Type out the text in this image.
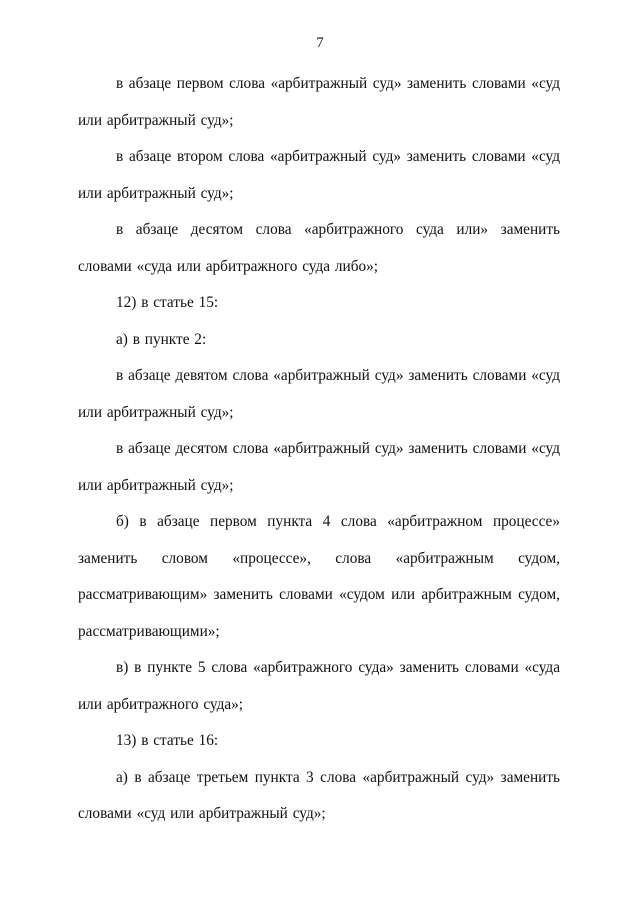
7

в абзаце первом слова «арбитражный суд» заменить словами «суд или арбитражный суд»;

в абзаце втором слова «арбитражный суд» заменить словами «суд или арбитражный суд»;

в абзаце десятом слова «арбитражного суда или» заменить словами «суда или арбитражного суда либо»;

12) в статье 15:

а) в пункте 2:

в абзаце девятом слова «арбитражный суд» заменить словами «суд или арбитражный суд»;

в абзаце десятом слова «арбитражный суд» заменить словами «суд или арбитражный суд»;

б) в абзаце первом пункта 4 слова «арбитражном процессе» заменить словом «процессе», слова «арбитражным судом, рассматривающим» заменить словами «судом или арбитражным судом, рассматривающими»;

в) в пункте 5 слова «арбитражного суда» заменить словами «суда или арбитражного суда»;

13) в статье 16:

а) в абзаце третьем пункта 3 слова «арбитражный суд» заменить словами «суд или арбитражный суд»;
